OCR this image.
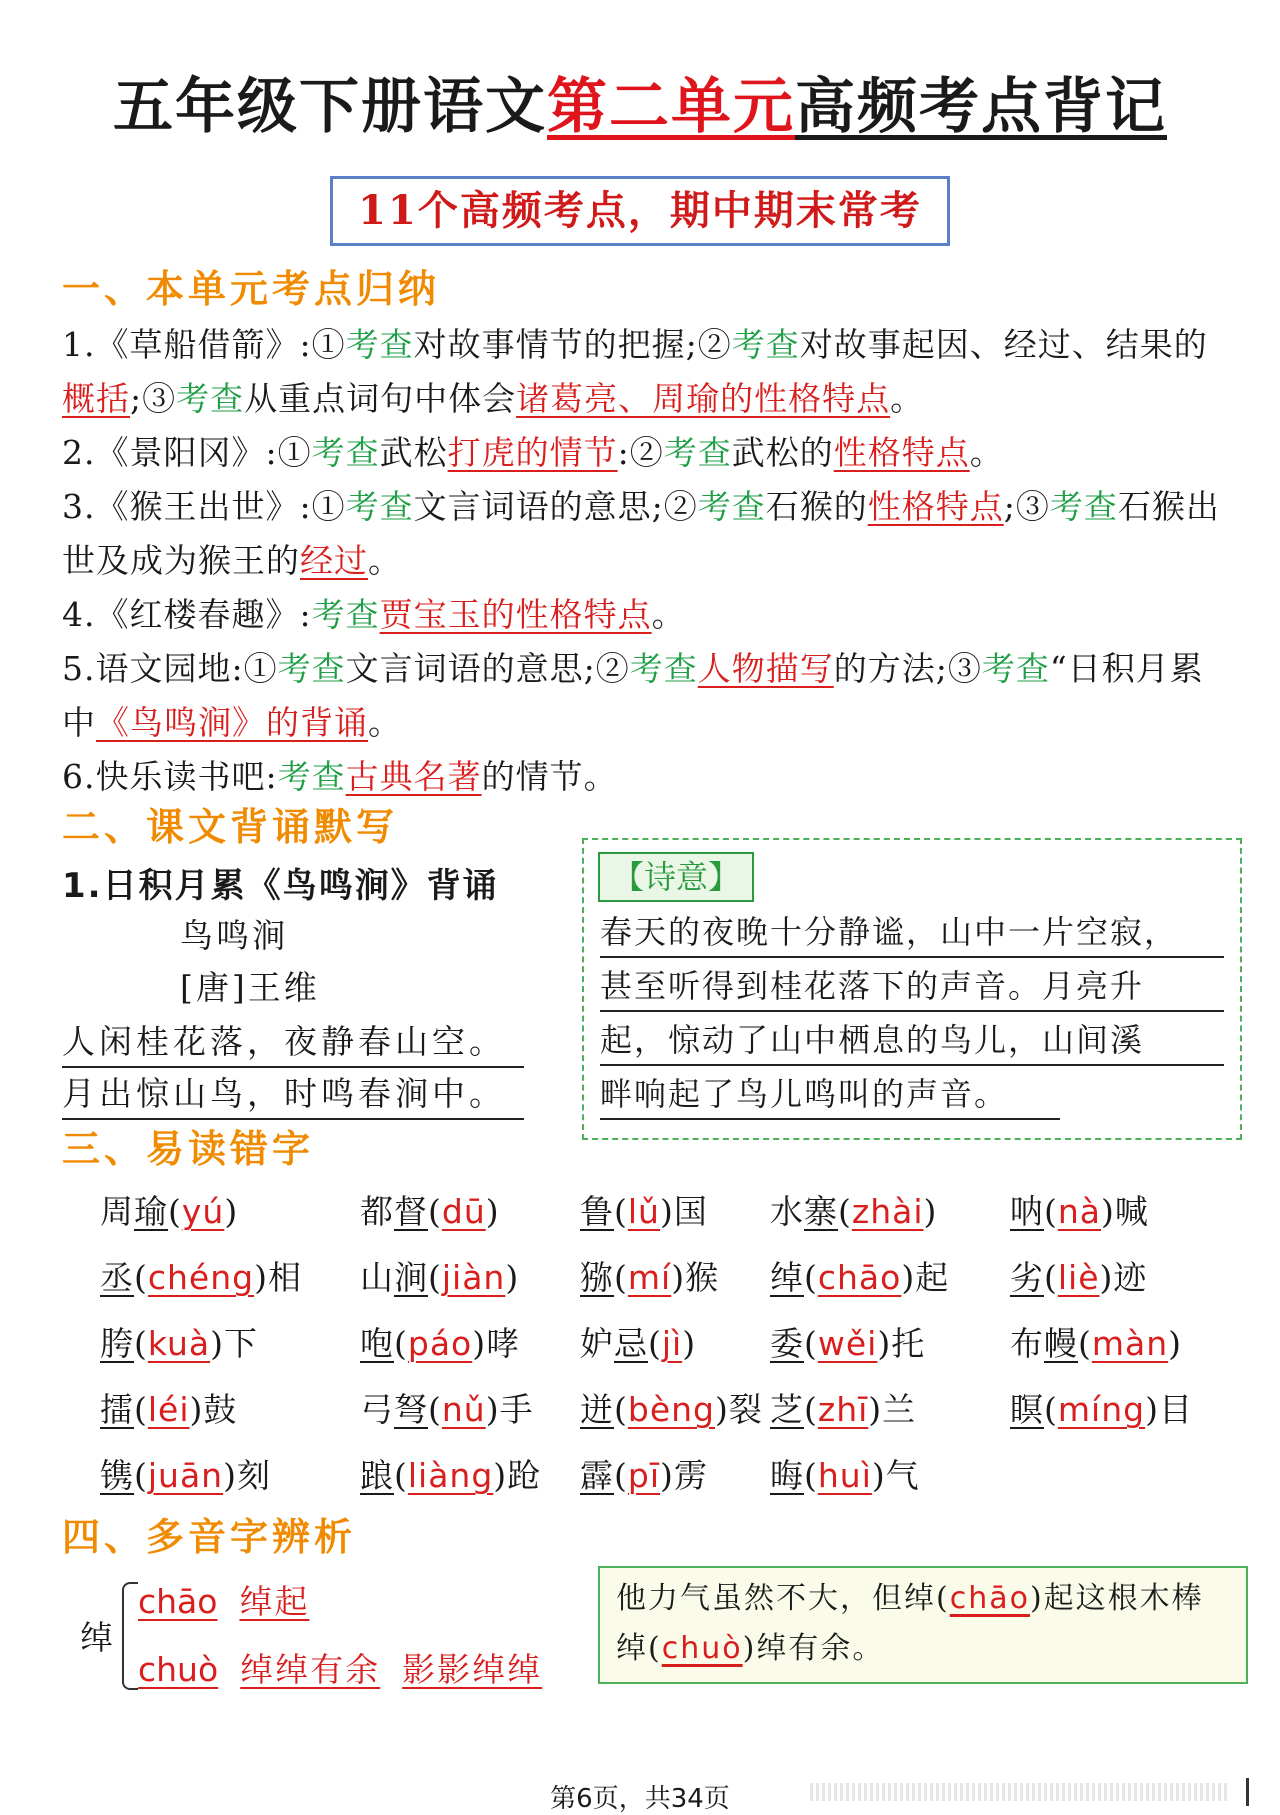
五年级下册语文第二单元高频考点背记
11个高频考点，期中期末常考
一、本单元考点归纳
1.《草船借箭》:①考查对故事情节的把握;②考查对故事起因、经过、结果的概括;③考查从重点词句中体会诸葛亮、周瑜的性格特点。
2.《景阳冈》:①考查武松打虎的情节:②考查武松的性格特点。
3.《猴王出世》:①考查文言词语的意思;②考查石猴的性格特点;③考查石猴出世及成为猴王的经过。
4.《红楼春趣》:考查贾宝玉的性格特点。
5.语文园地:①考查文言词语的意思;②考查人物描写的方法;③考查“日积月累中《鸟鸣涧》的背诵。
6.快乐读书吧:考查古典名著的情节。
二、课文背诵默写
1.日积月累《鸟鸣涧》背诵
鸟鸣涧
[唐]王维
人闲桂花落，夜静春山空。
月出惊山鸟，时鸣春涧中。
【诗意】
春天的夜晚十分静谧，山中一片空寂，
甚至听得到桂花落下的声音。月亮升
起，惊动了山中栖息的鸟儿，山间溪
畔响起了鸟儿鸣叫的声音。
三、易读错字
周瑜(yú)	都督(dū) 鲁(lǔ)国 水寨(zhài) 呐(nà)喊
丞(chéng)相 山涧(jiàn) 猕(mí)猴 绰(chāo)起 劣(liè)迹
胯(kuà)下	咆(páo)哮 妒忌(jì) 委(wěi)托	布幔(màn)
擂(léi)鼓	弓弩(nǔ)手 迸(bèng)裂 芝(zhī)兰	瞑(míng)目
镌(juān)刻	踉(liàng)跄 霹(pī)雳 晦(huì)气
四、多音字辨析
绰
chāo 绰起
chuò 绰绰有余 影影绰绰
他力气虽然不大，但绰(chāo)起这根木棒绰(chuò)绰有余。
第6页，共34页
